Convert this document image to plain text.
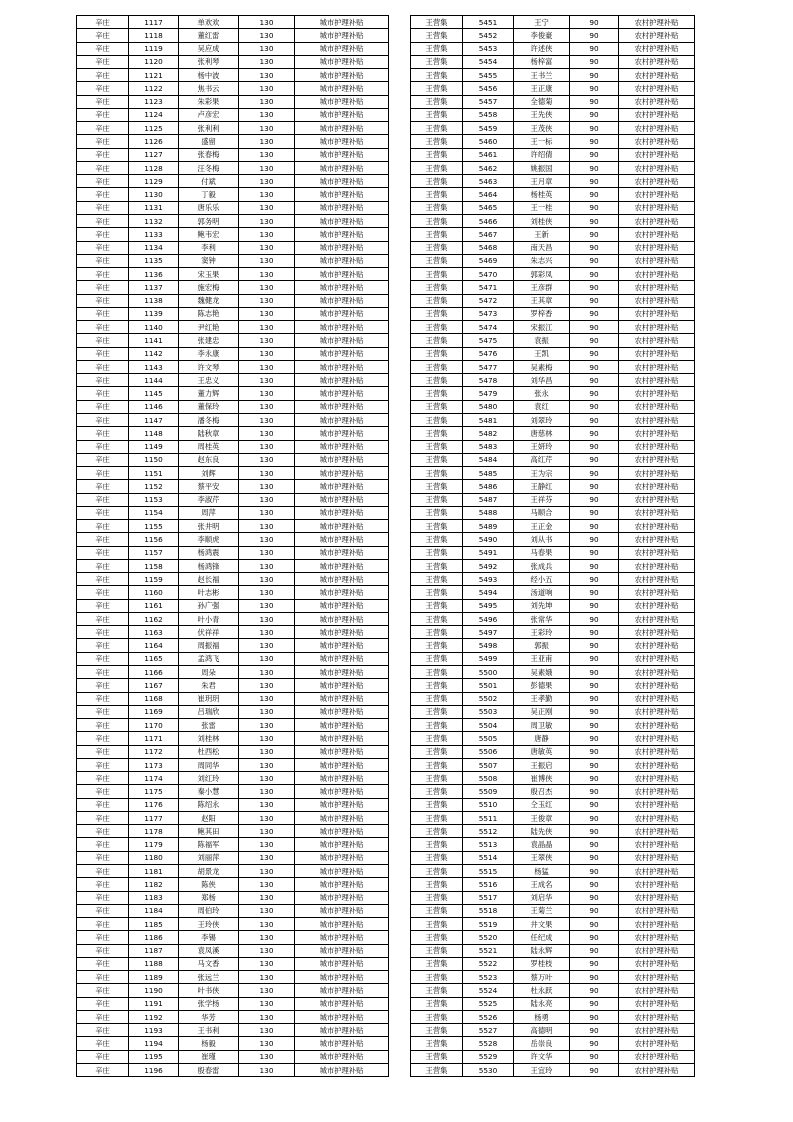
辛庄	1117	单欢欢	130	城市护理补贴
辛庄	1118	董红雷	130	城市护理补贴
辛庄	1119	吴应成	130	城市护理补贴
辛庄	1120	张利琴	130	城市护理补贴
辛庄	1121	杨中波	130	城市护理补贴
辛庄	1122	焦书云	130	城市护理补贴
辛庄	1123	朱彩果	130	城市护理补贴
辛庄	1124	卢彦宏	130	城市护理补贴
辛庄	1125	张利利	130	城市护理补贴
辛庄	1126	盛留	130	城市护理补贴
辛庄	1127	张春梅	130	城市护理补贴
辛庄	1128	汪冬梅	130	城市护理补贴
辛庄	1129	付斌	130	城市护理补贴
辛庄	1130	丁毅	130	城市护理补贴
辛庄	1131	唐乐乐	130	城市护理补贴
辛庄	1132	郭务明	130	城市护理补贴
辛庄	1133	鲍韦宏	130	城市护理补贴
辛庄	1134	李利	130	城市护理补贴
辛庄	1135	窦钟	130	城市护理补贴
辛庄	1136	宋玉果	130	城市护理补贴
辛庄	1137	施宏梅	130	城市护理补贴
辛庄	1138	魏健龙	130	城市护理补贴
辛庄	1139	陈志艳	130	城市护理补贴
辛庄	1140	尹红艳	130	城市护理补贴
辛庄	1141	张建忠	130	城市护理补贴
辛庄	1142	李永康	130	城市护理补贴
辛庄	1143	许文琴	130	城市护理补贴
辛庄	1144	王忠义	130	城市护理补贴
辛庄	1145	董力辉	130	城市护理补贴
辛庄	1146	董保玲	130	城市护理补贴
辛庄	1147	潘冬梅	130	城市护理补贴
辛庄	1148	陆秋章	130	城市护理补贴
辛庄	1149	周桂英	130	城市护理补贴
辛庄	1150	赵东良	130	城市护理补贴
辛庄	1151	刘辉	130	城市护理补贴
辛庄	1152	蔡平安	130	城市护理补贴
辛庄	1153	李淑芹	130	城市护理补贴
辛庄	1154	周萍	130	城市护理补贴
辛庄	1155	张井明	130	城市护理补贴
辛庄	1156	李顺虎	130	城市护理补贴
辛庄	1157	杨鸿震	130	城市护理补贴
辛庄	1158	杨鸿锋	130	城市护理补贴
辛庄	1159	赵长福	130	城市护理补贴
辛庄	1160	叶志彬	130	城市护理补贴
辛庄	1161	孙广强	130	城市护理补贴
辛庄	1162	叶小青	130	城市护理补贴
辛庄	1163	伏祥祥	130	城市护理补贴
辛庄	1164	周振福	130	城市护理补贴
辛庄	1165	孟鸿飞	130	城市护理补贴
辛庄	1166	周朵	130	城市护理补贴
辛庄	1167	朱君	130	城市护理补贴
辛庄	1168	崔玥玥	130	城市护理补贴
辛庄	1169	吕瑞欣	130	城市护理补贴
辛庄	1170	张雷	130	城市护理补贴
辛庄	1171	刘桂林	130	城市护理补贴
辛庄	1172	杜西松	130	城市护理补贴
辛庄	1173	周同华	130	城市护理补贴
辛庄	1174	刘红玲	130	城市护理补贴
辛庄	1175	秦小慧	130	城市护理补贴
辛庄	1176	陈绍永	130	城市护理补贴
辛庄	1177	赵阳	130	城市护理补贴
辛庄	1178	鲍其田	130	城市护理补贴
辛庄	1179	陈福军	130	城市护理补贴
辛庄	1180	刘丽萍	130	城市护理补贴
辛庄	1181	胡景龙	130	城市护理补贴
辛庄	1182	陈侠	130	城市护理补贴
辛庄	1183	郑杨	130	城市护理补贴
辛庄	1184	周伯玲	130	城市护理补贴
辛庄	1185	王玲侠	130	城市护理补贴
辛庄	1186	李锡	130	城市护理补贴
辛庄	1187	袁凤溪	130	城市护理补贴
辛庄	1188	马文香	130	城市护理补贴
辛庄	1189	张远兰	130	城市护理补贴
辛庄	1190	叶书侠	130	城市护理补贴
辛庄	1191	张学杨	130	城市护理补贴
辛庄	1192	华芳	130	城市护理补贴
辛庄	1193	王书利	130	城市护理补贴
辛庄	1194	杨毅	130	城市护理补贴
辛庄	1195	崔瑾	130	城市护理补贴
辛庄	1196	殷春雷	130	城市护理补贴
王营集	5451	王宁	90	农村护理补贴
王营集	5452	李俊豪	90	农村护理补贴
王营集	5453	许述侠	90	农村护理补贴
王营集	5454	杨梓富	90	农村护理补贴
王营集	5455	王书兰	90	农村护理补贴
王营集	5456	王正康	90	农村护理补贴
王营集	5457	全德菊	90	农村护理补贴
王营集	5458	王先侠	90	农村护理补贴
王营集	5459	王茂侠	90	农村护理补贴
王营集	5460	王一标	90	农村护理补贴
王营集	5461	许绍倩	90	农村护理补贴
王营集	5462	姚振国	90	农村护理补贴
王营集	5463	王月章	90	农村护理补贴
王营集	5464	杨桂英	90	农村护理补贴
王营集	5465	王一桂	90	农村护理补贴
王营集	5466	刘桂侠	90	农村护理补贴
王营集	5467	王新	90	农村护理补贴
王营集	5468	南天昌	90	农村护理补贴
王营集	5469	朱志兴	90	农村护理补贴
王营集	5470	郭彩凤	90	农村护理补贴
王营集	5471	王彦群	90	农村护理补贴
王营集	5472	王其章	90	农村护理补贴
王营集	5473	罗梓香	90	农村护理补贴
王营集	5474	宋振江	90	农村护理补贴
王营集	5475	袁振	90	农村护理补贴
王营集	5476	王凯	90	农村护理补贴
王营集	5477	吴素梅	90	农村护理补贴
王营集	5478	刘华昌	90	农村护理补贴
王营集	5479	张永	90	农村护理补贴
王营集	5480	袁红	90	农村护理补贴
王营集	5481	刘翠玲	90	农村护理补贴
王营集	5482	唐慈林	90	农村护理补贴
王营集	5483	王妍玲	90	农村护理补贴
王营集	5484	高红芹	90	农村护理补贴
王营集	5485	王为宗	90	农村护理补贴
王营集	5486	王静红	90	农村护理补贴
王营集	5487	王祥芬	90	农村护理补贴
王营集	5488	马顺合	90	农村护理补贴
王营集	5489	王正金	90	农村护理补贴
王营集	5490	刘从书	90	农村护理补贴
王营集	5491	马春果	90	农村护理补贴
王营集	5492	张成兵	90	农村护理补贴
王营集	5493	经小五	90	农村护理补贴
王营集	5494	汤道响	90	农村护理补贴
王营集	5495	刘先坤	90	农村护理补贴
王营集	5496	张常华	90	农村护理补贴
王营集	5497	王彩玲	90	农村护理补贴
王营集	5498	郭振	90	农村护理补贴
王营集	5499	王亚甫	90	农村护理补贴
王营集	5500	吴素娥	90	农村护理补贴
王营集	5501	彭德果	90	农村护理补贴
王营集	5502	王孝勤	90	农村护理补贴
王营集	5503	吴正刚	90	农村护理补贴
王营集	5504	周卫敏	90	农村护理补贴
王营集	5505	唐静	90	农村护理补贴
王营集	5506	唐敏英	90	农村护理补贴
王营集	5507	王振启	90	农村护理补贴
王营集	5508	崔博侠	90	农村护理补贴
王营集	5509	殷召杰	90	农村护理补贴
王营集	5510	仝玉红	90	农村护理补贴
王营集	5511	王俊章	90	农村护理补贴
王营集	5512	陆先侠	90	农村护理补贴
王营集	5513	袁晶晶	90	农村护理补贴
王营集	5514	王翠侠	90	农村护理补贴
王营集	5515	杨猛	90	农村护理补贴
王营集	5516	王成名	90	农村护理补贴
王营集	5517	刘启华	90	农村护理补贴
王营集	5518	王菊兰	90	农村护理补贴
王营集	5519	井文果	90	农村护理补贴
王营集	5520	任纪成	90	农村护理补贴
王营集	5521	陆永辉	90	农村护理补贴
王营集	5522	罗桂枝	90	农村护理补贴
王营集	5523	蔡万叶	90	农村护理补贴
王营集	5524	杜永跃	90	农村护理补贴
王营集	5525	陆永亮	90	农村护理补贴
王营集	5526	杨勇	90	农村护理补贴
王营集	5527	高德明	90	农村护理补贴
王营集	5528	岳崇良	90	农村护理补贴
王营集	5529	许文华	90	农村护理补贴
王营集	5530	王宜玲	90	农村护理补贴
